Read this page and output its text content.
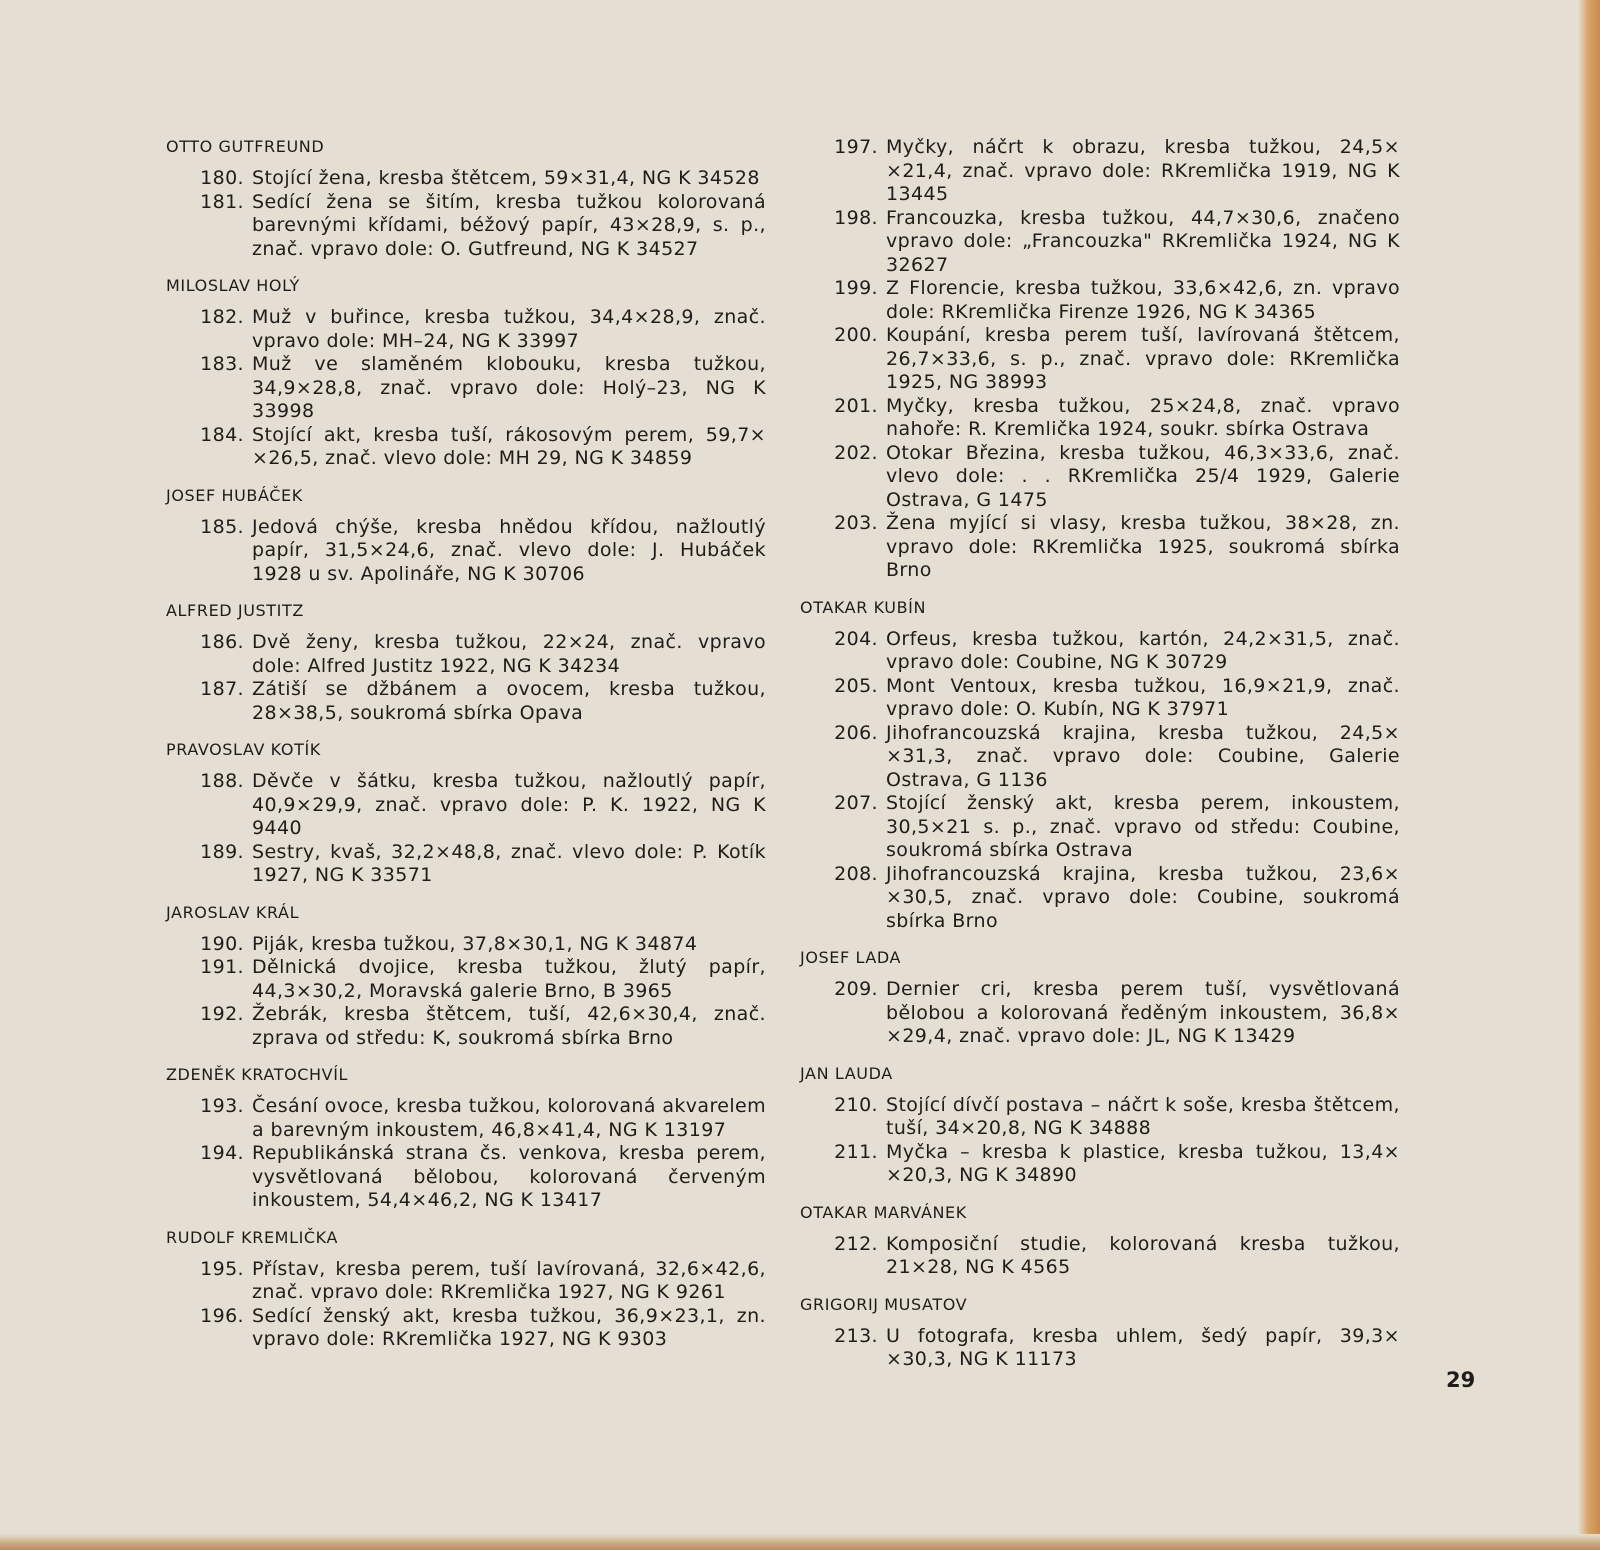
OTTO GUTFREUND
180. Stojící žena, kresba štětcem, 59×31,4, NG K 34528
181. Sedící žena se šitím, kresba tužkou kolorovaná barevnými křídami, béžový papír, 43×28,9, s. p., znač. vpravo dole: O. Gutfreund, NG K 34527
MILOSLAV HOLÝ
182. Muž v buřince, kresba tužkou, 34,4×28,9, znač. vpravo dole: MH–24, NG K 33997
183. Muž ve slaměném klobouku, kresba tužkou, 34,9×28,8, znač. vpravo dole: Holý–23, NG K 33998
184. Stojící akt, kresba tuší, rákosovým perem, 59,7× ×26,5, znač. vlevo dole: MH 29, NG K 34859
JOSEF HUBÁČEK
185. Jedová chýše, kresba hnědou křídou, nažloutlý papír, 31,5×24,6, znač. vlevo dole: J. Hubáček 1928 u sv. Apolináře, NG K 30706
ALFRED JUSTITZ
186. Dvě ženy, kresba tužkou, 22×24, znač. vpravo dole: Alfred Justitz 1922, NG K 34234
187. Zátiší se džbánem a ovocem, kresba tužkou, 28×38,5, soukromá sbírka Opava
PRAVOSLAV KOTÍK
188. Děvče v šátku, kresba tužkou, nažloutlý papír, 40,9×29,9, znač. vpravo dole: P. K. 1922, NG K 9440
189. Sestry, kvaš, 32,2×48,8, znač. vlevo dole: P. Kotík 1927, NG K 33571
JAROSLAV KRÁL
190. Piják, kresba tužkou, 37,8×30,1, NG K 34874
191. Dělnická dvojice, kresba tužkou, žlutý papír, 44,3×30,2, Moravská galerie Brno, B 3965
192. Žebrák, kresba štětcem, tuší, 42,6×30,4, znač. zprava od středu: K, soukromá sbírka Brno
ZDENĚK KRATOCHVÍL
193. Česání ovoce, kresba tužkou, kolorovaná akvarelem a barevným inkoustem, 46,8×41,4, NG K 13197
194. Republikánská strana čs. venkova, kresba perem, vysvětlovaná bělobou, kolorovaná červeným inkoustem, 54,4×46,2, NG K 13417
RUDOLF KREMLIČKA
195. Přístav, kresba perem, tuší lavírovaná, 32,6×42,6, znač. vpravo dole: RKremlička 1927, NG K 9261
196. Sedící ženský akt, kresba tužkou, 36,9×23,1, zn. vpravo dole: RKremlička 1927, NG K 9303
197. Myčky, náčrt k obrazu, kresba tužkou, 24,5× ×21,4, znač. vpravo dole: RKremlička 1919, NG K 13445
198. Francouzka, kresba tužkou, 44,7×30,6, značeno vpravo dole: „Francouzka" RKremlička 1924, NG K 32627
199. Z Florencie, kresba tužkou, 33,6×42,6, zn. vpravo dole: RKremlička Firenze 1926, NG K 34365
200. Koupání, kresba perem tuší, lavírovaná štětcem, 26,7×33,6, s. p., znač. vpravo dole: RKremlička 1925, NG 38993
201. Myčky, kresba tužkou, 25×24,8, znač. vpravo nahoře: R. Kremlička 1924, soukr. sbírka Ostrava
202. Otokar Březina, kresba tužkou, 46,3×33,6, znač. vlevo dole: . . RKremlička 25/4 1929, Galerie Ostrava, G 1475
203. Žena myjící si vlasy, kresba tužkou, 38×28, zn. vpravo dole: RKremlička 1925, soukromá sbírka Brno
OTAKAR KUBÍN
204. Orfeus, kresba tužkou, kartón, 24,2×31,5, znač. vpravo dole: Coubine, NG K 30729
205. Mont Ventoux, kresba tužkou, 16,9×21,9, znač. vpravo dole: O. Kubín, NG K 37971
206. Jihofrancouzská krajina, kresba tužkou, 24,5× ×31,3, znač. vpravo dole: Coubine, Galerie Ostrava, G 1136
207. Stojící ženský akt, kresba perem, inkoustem, 30,5×21 s. p., znač. vpravo od středu: Coubine, soukromá sbírka Ostrava
208. Jihofrancouzská krajina, kresba tužkou, 23,6× ×30,5, znač. vpravo dole: Coubine, soukromá sbírka Brno
JOSEF LADA
209. Dernier cri, kresba perem tuší, vysvětlovaná bělobou a kolorovaná ředěným inkoustem, 36,8× ×29,4, znač. vpravo dole: JL, NG K 13429
JAN LAUDA
210. Stojící dívčí postava – náčrt k soše, kresba štětcem, tuší, 34×20,8, NG K 34888
211. Myčka – kresba k plastice, kresba tužkou, 13,4× ×20,3, NG K 34890
OTAKAR MARVÁNEK
212. Komposiční studie, kolorovaná kresba tužkou, 21×28, NG K 4565
GRIGORIJ MUSATOV
213. U fotografa, kresba uhlem, šedý papír, 39,3× ×30,3, NG K 11173
29
